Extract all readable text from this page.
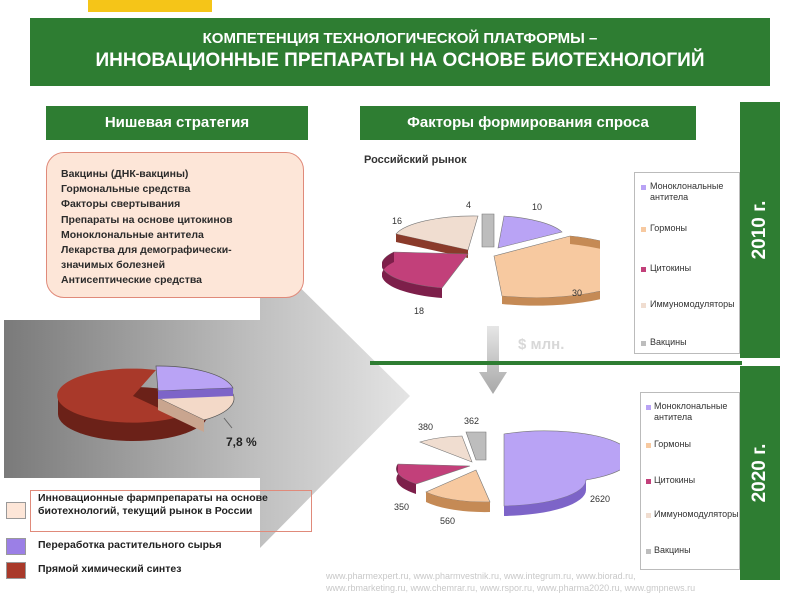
КОМПЕТЕНЦИЯ ТЕХНОЛОГИЧЕСКОЙ ПЛАТФОРМЫ –
ИННОВАЦИОННЫЕ ПРЕПАРАТЫ НА ОСНОВЕ БИОТЕХНОЛОГИЙ
Нишевая стратегия	Факторы формирования спроса
2010 г.
2020 г.
Вакцины (ДНК-вакцины)
Гормональные средства
Факторы свертывания
Препараты на основе цитокинов
Моноклональные антитела
Лекарства для демографически-
значимых болезней
Антисептические средства
7,8 %
Инновационные фармпрепараты на основе биотехнологий, текущий рынок в России
Переработка растительного сырья
Прямой химический синтез
Российский рынок
10
30
18
16
4
Моноклональные антитела
Гормоны
Цитокины
Иммуномодуляторы
Вакцины
$ млн.
2620
560
350
380
362
Моноклональные антитела
Гормоны
Цитокины
Иммуномодуляторы
Вакцины
www.pharmexpert.ru, www.pharmvestnik.ru, www.integrum.ru, www.biorad.ru,
www.rbmarketing.ru, www.chemrar.ru, www.rspor.ru, www.pharma2020.ru, www.gmpnews.ru
